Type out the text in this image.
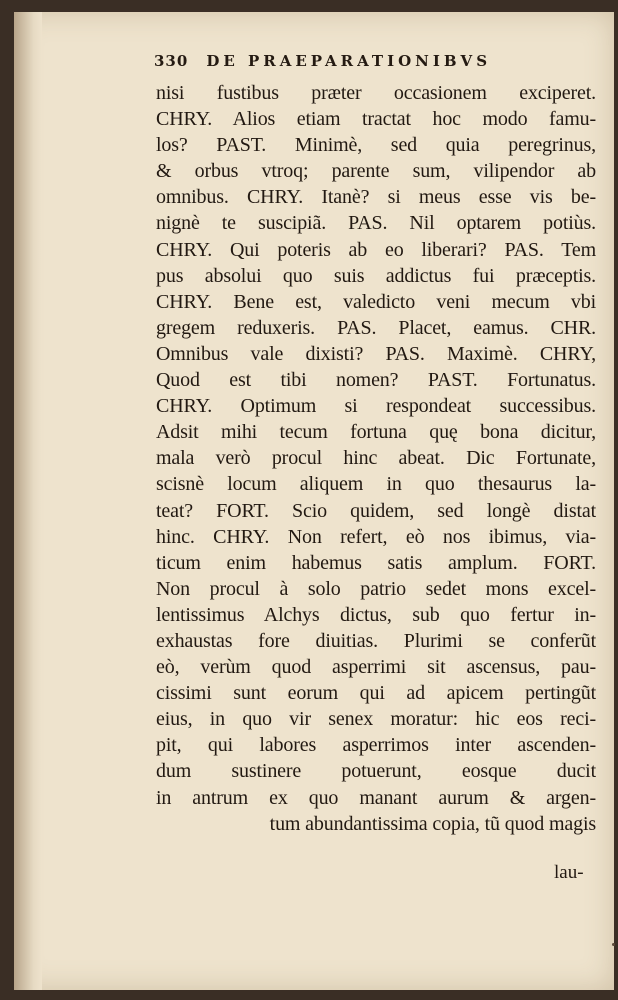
330 DE PRAEPARATIONIBVS
nisi fustibus præter occasionem exciperet.
CHRY. Alios etiam tractat hoc modo famu-
los? PAST. Minimè, sed quia peregrinus,
& orbus vtroq; parente sum, vilipendor ab
omnibus. CHRY. Itanè? si meus esse vis be-
nignè te suscipiã. PAS. Nil optarem potiùs.
CHRY. Qui poteris ab eo liberari? PAS. Tem
pus absolui quo suis addictus fui præceptis.
CHRY. Bene est, valedicto veni mecum vbi
gregem reduxeris. PAS. Placet, eamus. CHR.
Omnibus vale dixisti? PAS. Maximè. CHRY,
Quod est tibi nomen? PAST. Fortunatus.
CHRY. Optimum si respondeat successibus.
Adsit mihi tecum fortuna quę bona dicitur,
mala verò procul hinc abeat. Dic Fortunate,
scisnè locum aliquem in quo thesaurus la-
teat? FORT. Scio quidem, sed longè distat
hinc. CHRY. Non refert, eò nos ibimus, via-
ticum enim habemus satis amplum. FORT.
Non procul à solo patrio sedet mons excel-
lentissimus Alchys dictus, sub quo fertur in-
exhaustas fore diuitias. Plurimi se conferũt
eò, verùm quod asperrimi sit ascensus, pau-
cissimi sunt eorum qui ad apicem pertingũt
eius, in quo vir senex moratur: hic eos reci-
pit, qui labores asperrimos inter ascenden-
dum sustinere potuerunt, eosque ducit
in antrum ex quo manant aurum & argen-
tum abundantissima copia, tũ quod magis
lau-
